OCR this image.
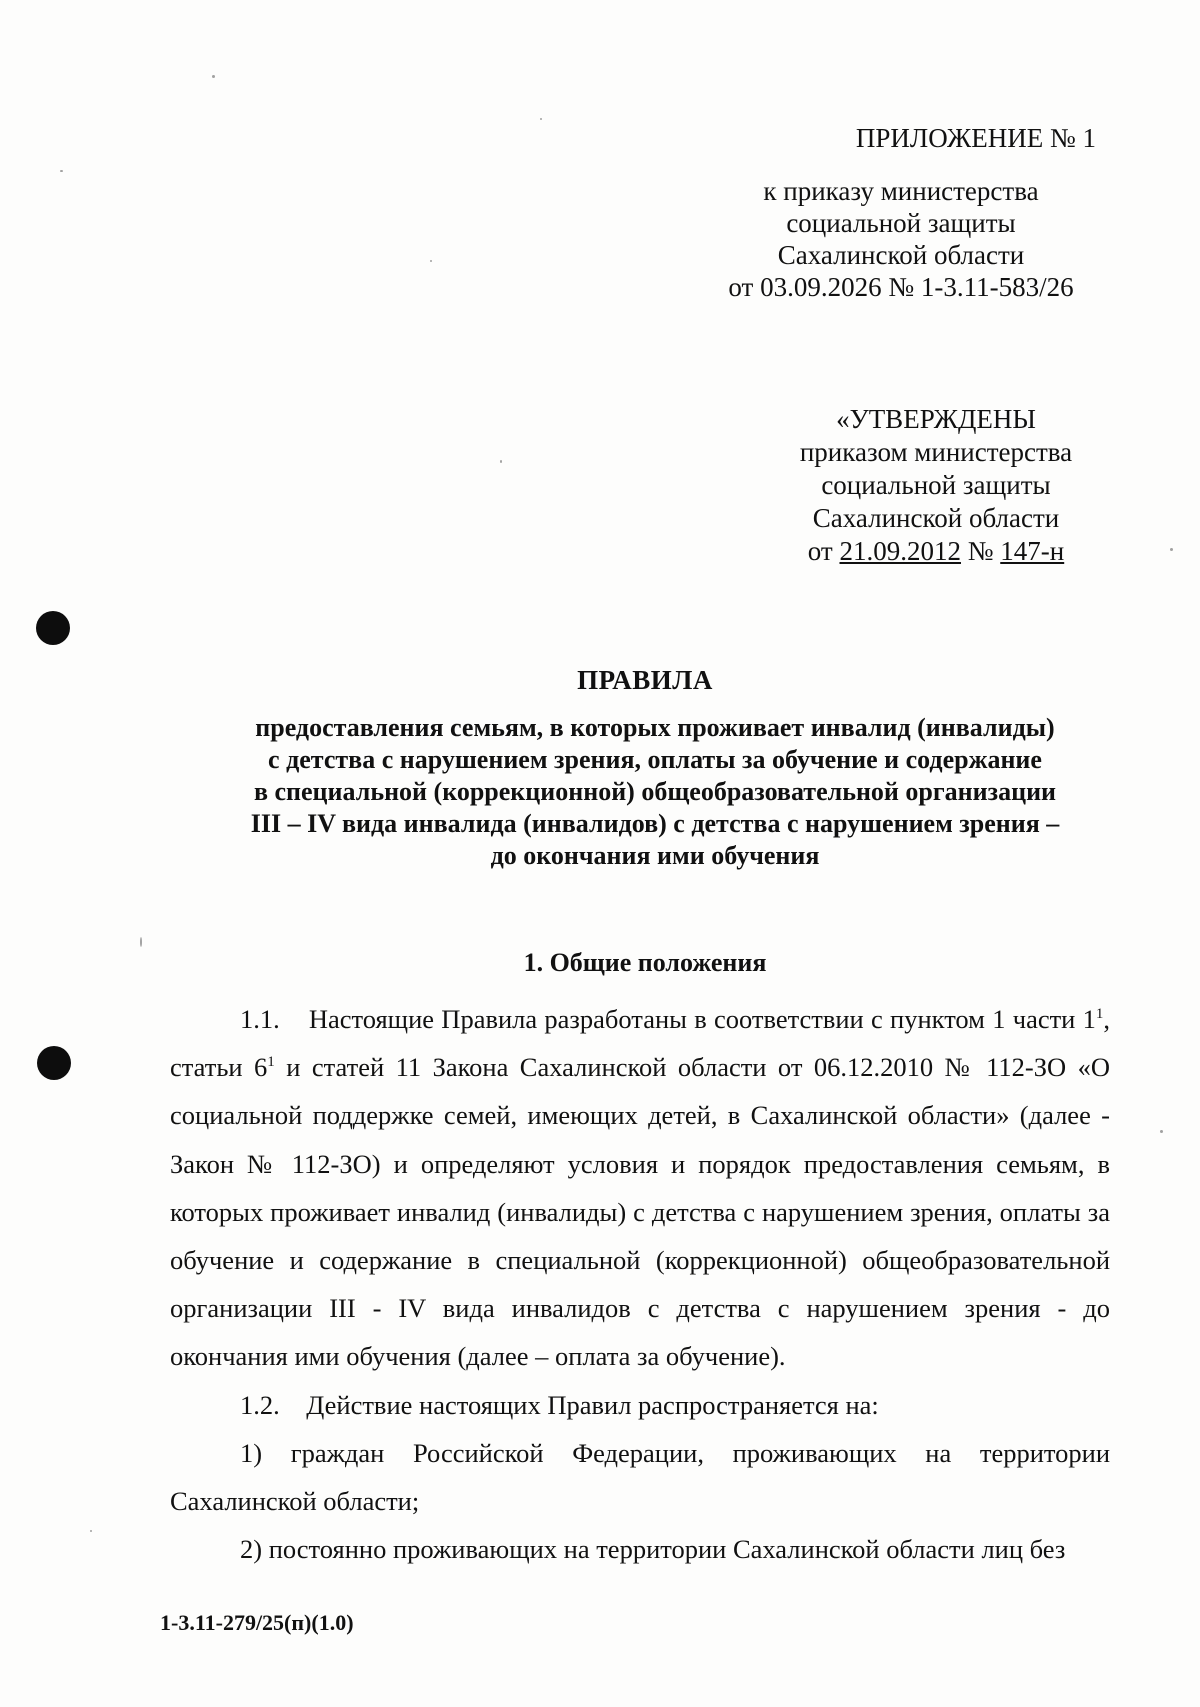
ПРИЛОЖЕНИЕ № 1
к приказу министерства
социальной защиты
Сахалинской области
от 03.09.2026 № 1-3.11-583/26
«УТВЕРЖДЕНЫ
приказом министерства
социальной защиты
Сахалинской области
от 21.09.2012 № 147-н
ПРАВИЛА
предоставления семьям, в которых проживает инвалид (инвалиды)
с детства с нарушением зрения, оплаты за обучение и содержание
в специальной (коррекционной) общеобразовательной организации
III – IV вида инвалида (инвалидов) с детства с нарушением зрения –
до окончания ими обучения
1. Общие положения

1.1. Настоящие Правила разработаны в соответствии с пунктом 1 части $1^1$, статьи $6^1$ и статей 11 Закона Сахалинской области от 06.12.2010 № 112-ЗО «О социальной поддержке семей, имеющих детей, в Сахалинской области» (далее - Закон № 112-ЗО) и определяют условия и порядок предоставления семьям, в которых проживает инвалид (инвалиды) с детства с нарушением зрения, оплаты за обучение и содержание в специальной (коррекционной) общеобразовательной организации III - IV вида инвалидов с детства с нарушением зрения - до окончания ими обучения (далее – оплата за обучение).

1.2. Действие настоящих Правил распространяется на:

1) граждан Российской Федерации, проживающих на территории Сахалинской области;

2) постоянно проживающих на территории Сахалинской области лиц без

1-3.11-279/25(п)(1.0)
